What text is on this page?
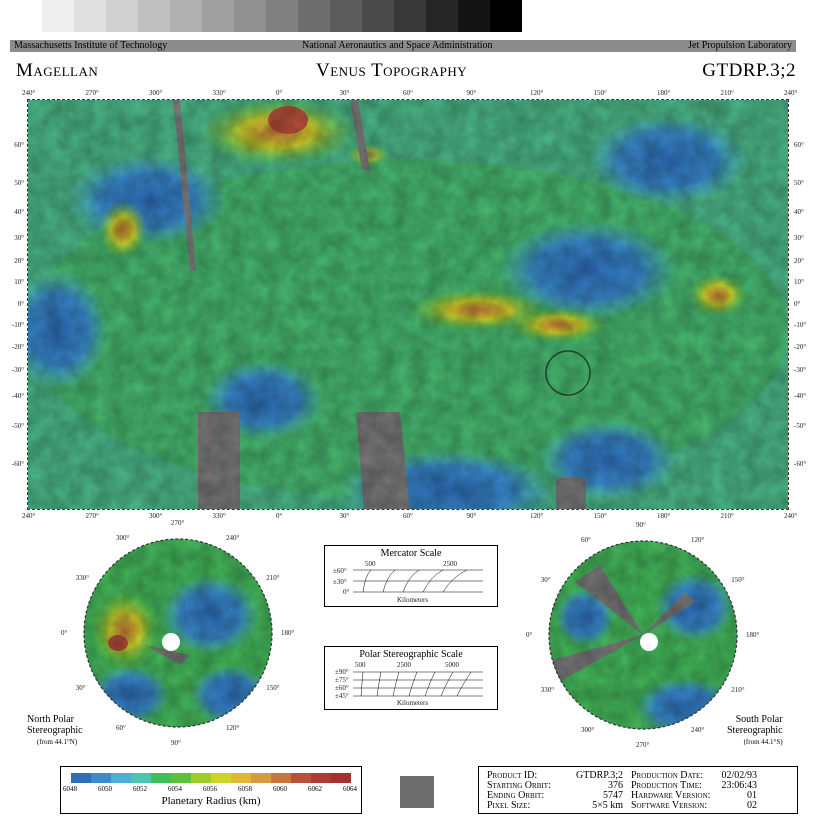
Massachusetts Institute of Technology	National Aeronautics and Space Administration	Jet Propulsion Laboratory
Magellan	Venus Topography	GTDRP.3;2
240°	270°	300°	330°	0°	30°	60°	90°	120°	150°	180°	210°	240°
240°	270°	300°	330°	0°	30°	60°	90°	120°	150°	180°	210°	240°
60°
50°
40°
30°
20°
10°
0°
-10°
-20°
-30°
-40°
-50°
-60°
60°
50°
40°
30°
20°
10°
0°
-10°
-20°
-30°
-40°
-50°
-60°
270°
240°
210°
180°
150°
120°
90°
60°
30°
0°
330°
300°
North Polar
Stereographic
(from 44.1°N)
90°
120°
150°
180°
210°
240°
270°
300°
330°
0°
30°
60°
South Polar
Stereographic
(from 44.1°S)
Mercator Scale
500	2500
±60°
±30°
0°
Kilometers
Polar Stereographic Scale
500	2500	5000
±90°
±75°
±60°
±45°
Kilometers
6048	6050	6052	6054	6056	6058	6060	6062	6064
Planetary Radius (km)
Product ID:	GTDRP.3;2
Starting Orbit:	376
Ending Orbit:	5747
Pixel Size:	5×5 km
Production Date: 02/02/93
Production Time: 23:06:43
Hardware Version:	01
Software Version:	02
